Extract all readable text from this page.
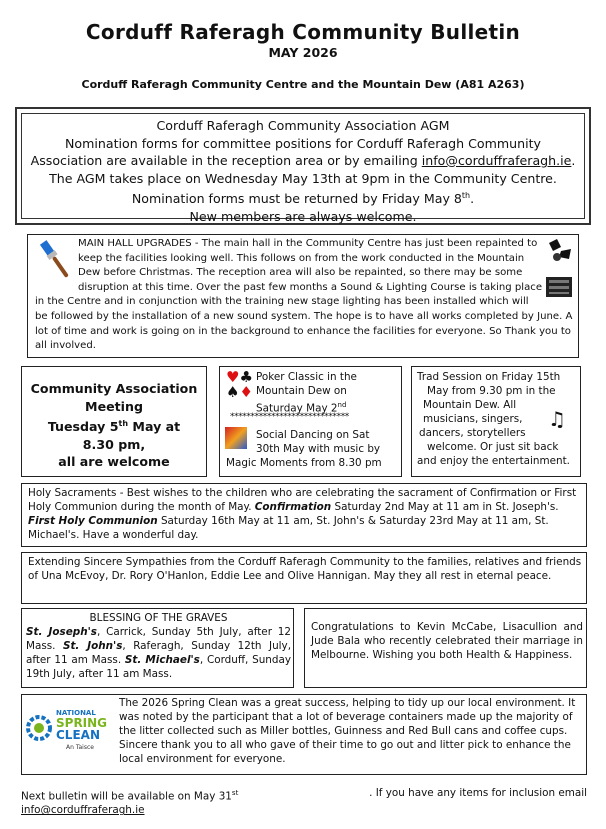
Corduff Raferagh Community Bulletin
MAY 2026
Corduff Raferagh Community Centre and the Mountain Dew (A81 A263)
Corduff Raferagh Community Association AGM
Nomination forms for committee positions for Corduff Raferagh Community
Association are available in the reception area or by emailing info@corduffraferagh.ie.
The AGM takes place on Wednesday May 13th at 9pm in the Community Centre.
Nomination forms must be returned by Friday May 8th.
New members are always welcome.
MAIN HALL UPGRADES - The main hall in the Community Centre has just been repainted to keep the facilities looking well. This follows on from the work conducted in the Mountain Dew before Christmas. The reception area will also be repainted, so there may be some disruption at this time. Over the past few months a Sound & Lighting Course is taking place in the Centre and in conjunction with the training new stage lighting has been installed which will be followed by the installation of a new sound system. The hope is to have all works completed by June. A lot of time and work is going on in the background to enhance the facilities for everyone. So Thank you to all involved.
Community Association
Meeting
Tuesday 5th May at
8.30 pm,
all are welcome
♥♣
♠♦
Poker Classic in the
Mountain Dew on
Saturday May 2nd
*****************************
Social Dancing on Sat
30th May with music by
Magic Moments from 8.30 pm
Trad Session on Friday 15th
May from 9.30 pm in the
Mountain Dew. All
musicians, singers,
dancers, storytellers
welcome. Or just sit back
and enjoy the entertainment.
♫
Holy Sacraments - Best wishes to the children who are celebrating the sacrament of Confirmation or First Holy Communion during the month of May. Confirmation Saturday 2nd May at 11 am in St. Joseph's. First Holy Communion Saturday 16th May at 11 am, St. John's & Saturday 23rd May at 11 am, St. Michael's. Have a wonderful day.
Extending Sincere Sympathies from the Corduff Raferagh Community to the families, relatives and friends of Una McEvoy, Dr. Rory O'Hanlon, Eddie Lee and Olive Hannigan. May they all rest in eternal peace.
BLESSING OF THE GRAVES
St. Joseph's, Carrick, Sunday 5th July, after 12 Mass. St. John's, Raferagh, Sunday 12th July, after 11 am Mass. St. Michael's, Corduff, Sunday 19th July, after 11 am Mass.
Congratulations to Kevin McCabe, Lisacullion and Jude Bala who recently celebrated their marriage in Melbourne. Wishing you both Health & Happiness.
NATIONAL
SPRING
CLEAN
An Taisce
The 2026 Spring Clean was a great success, helping to tidy up our local environment. It was noted by the participant that a lot of beverage containers made up the majority of the litter collected such as Miller bottles, Guinness and Red Bull cans and coffee cups. Sincere thank you to all who gave of their time to go out and litter pick to enhance the local environment for everyone.
Next bulletin will be available on May 31st	. If you have any items for inclusion email
info@corduffraferagh.ie
